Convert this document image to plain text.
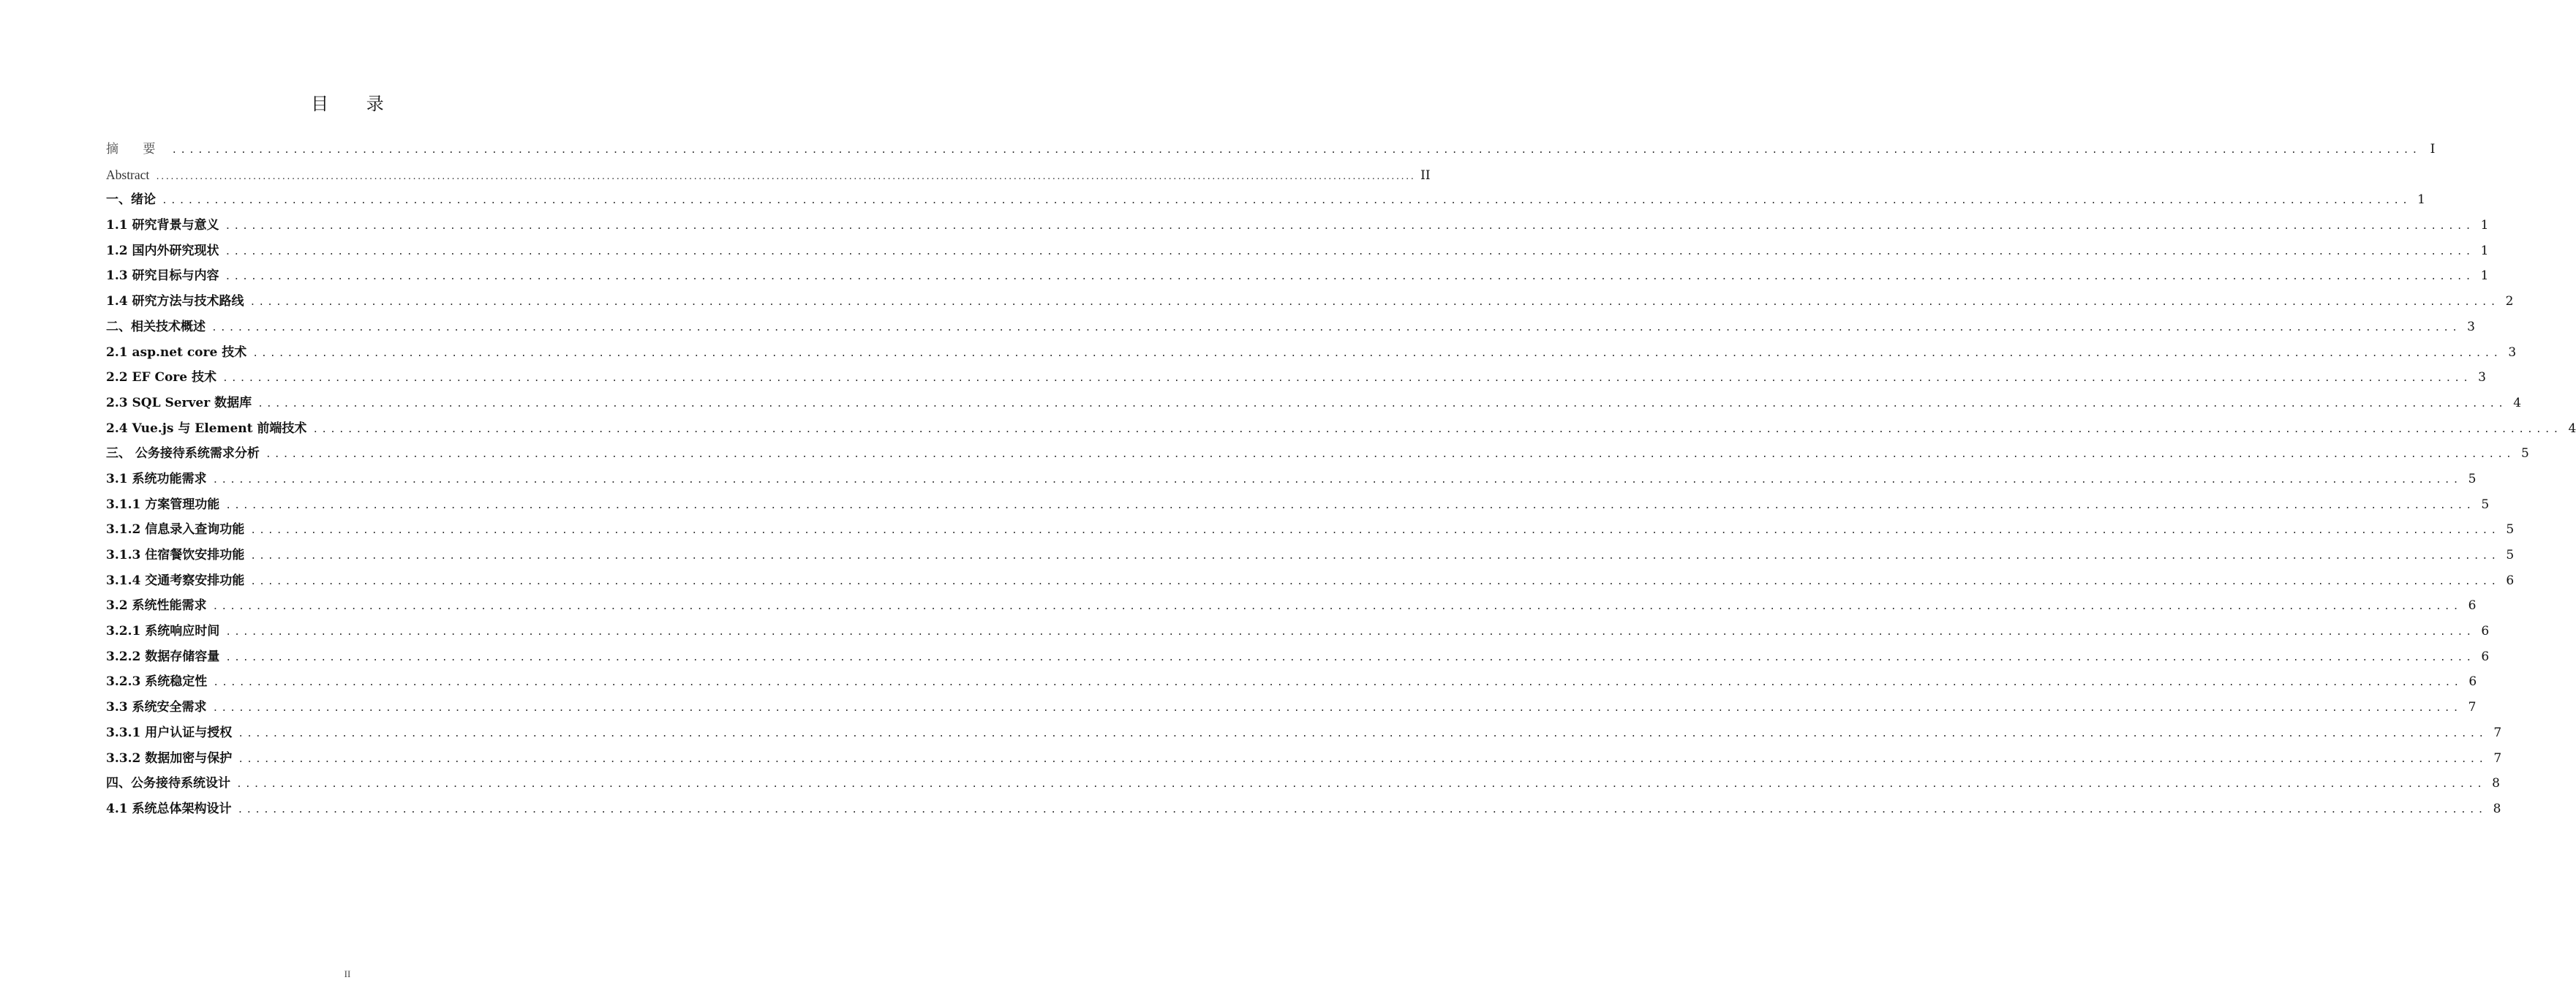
目 录
摘 要 .................................................................................................................................................................................................................................................................... I
Abstract .................................................................................................................................................................................................................................................................... II
一、绪论 .................................................................................................................................................................................................................................................................... 1
1.1 研究背景与意义 .................................................................................................................................................................................................................................................................... 1
1.2 国内外研究现状 .................................................................................................................................................................................................................................................................... 1
1.3 研究目标与内容 .................................................................................................................................................................................................................................................................... 1
1.4 研究方法与技术路线 .................................................................................................................................................................................................................................................................... 2
二、相关技术概述 .................................................................................................................................................................................................................................................................... 3
2.1 asp.net core 技术 .................................................................................................................................................................................................................................................................... 3
2.2 EF Core 技术 .................................................................................................................................................................................................................................................................... 3
2.3 SQL Server 数据库 .................................................................................................................................................................................................................................................................... 4
2.4 Vue.js 与 Element 前端技术 .................................................................................................................................................................................................................................................................... 4
三、 公务接待系统需求分析 .................................................................................................................................................................................................................................................................... 5
3.1 系统功能需求 .................................................................................................................................................................................................................................................................... 5
3.1.1 方案管理功能 .................................................................................................................................................................................................................................................................... 5
3.1.2 信息录入查询功能 .................................................................................................................................................................................................................................................................... 5
3.1.3 住宿餐饮安排功能 .................................................................................................................................................................................................................................................................... 5
3.1.4 交通考察安排功能 .................................................................................................................................................................................................................................................................... 6
3.2 系统性能需求 .................................................................................................................................................................................................................................................................... 6
3.2.1 系统响应时间 .................................................................................................................................................................................................................................................................... 6
3.2.2 数据存储容量 .................................................................................................................................................................................................................................................................... 6
3.2.3 系统稳定性 .................................................................................................................................................................................................................................................................... 6
3.3 系统安全需求 .................................................................................................................................................................................................................................................................... 7
3.3.1 用户认证与授权 .................................................................................................................................................................................................................................................................... 7
3.3.2 数据加密与保护 .................................................................................................................................................................................................................................................................... 7
四、公务接待系统设计 .................................................................................................................................................................................................................................................................... 8
4.1 系统总体架构设计 .................................................................................................................................................................................................................................................................... 8
II
